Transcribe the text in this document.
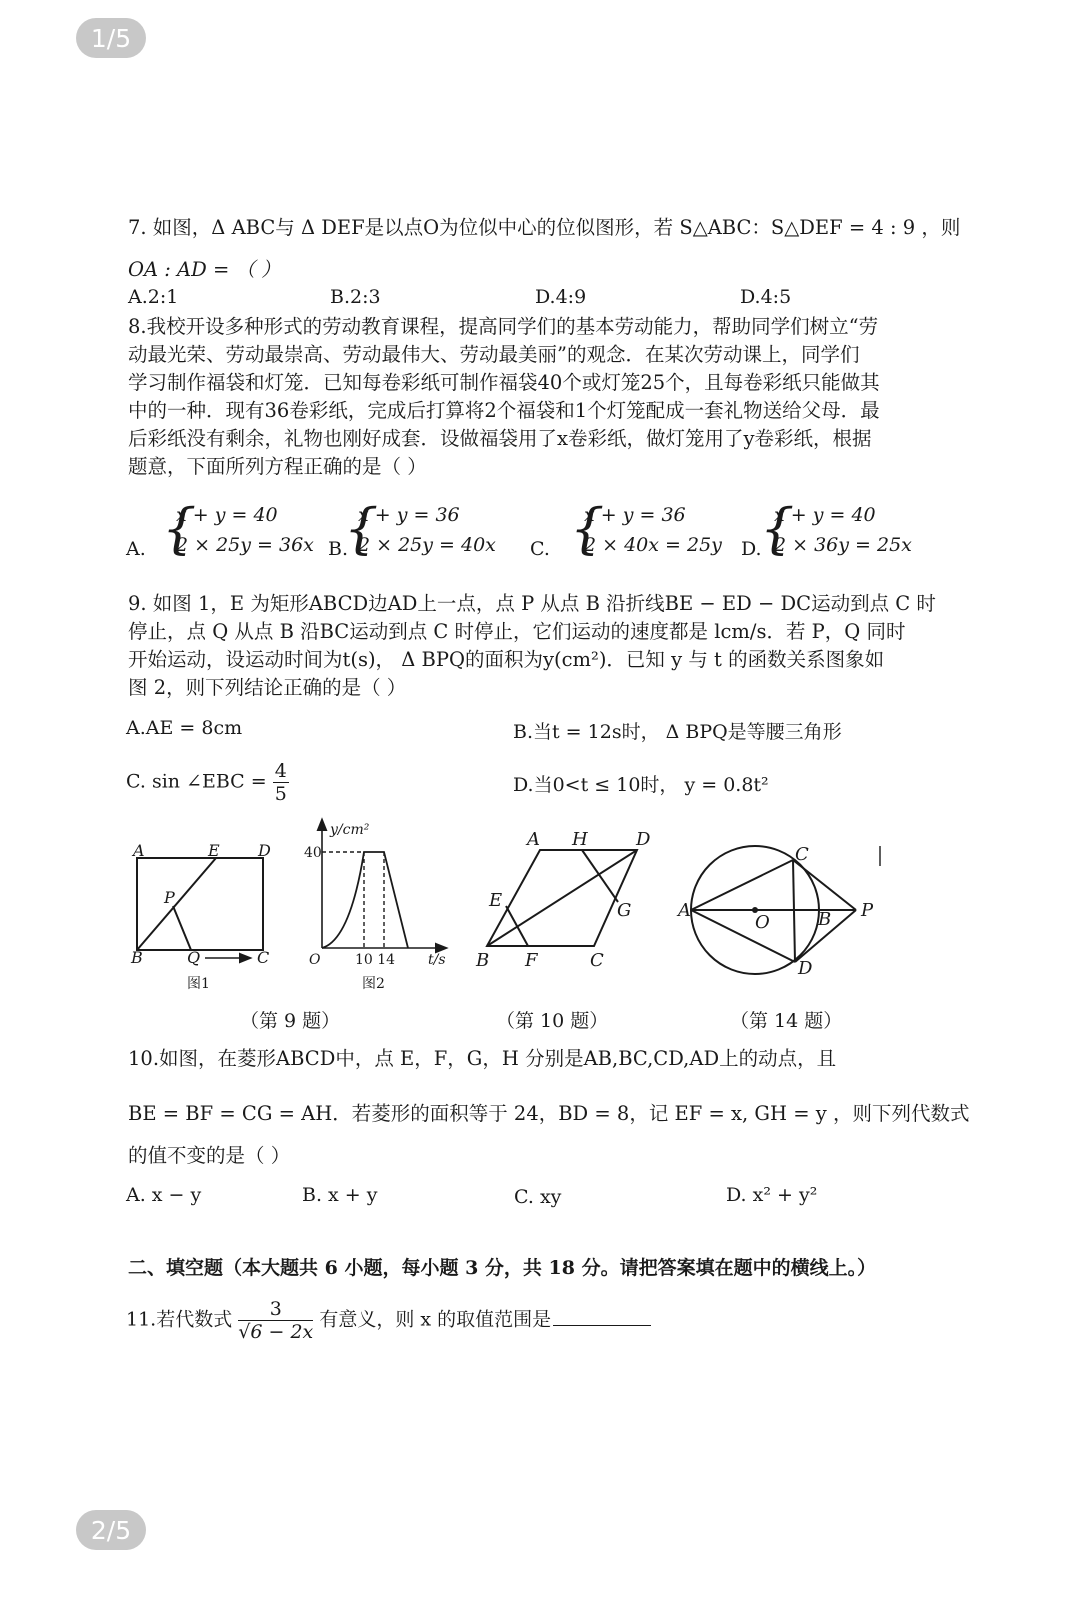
1/5
2/5
7. 如图，Δ ABC与 Δ DEF是以点O为位似中心的位似图形，若 S△ABC：S△DEF = 4 : 9 ，则
OA : AD = （ ）
A.2:1	B.2:3	D.4:9	D.4:5
8.我校开设多种形式的劳动教育课程，提高同学们的基本劳动能力，帮助同学们树立“劳
动最光荣、劳动最崇高、劳动最伟大、劳动最美丽”的观念．在某次劳动课上，同学们
学习制作福袋和灯笼．已知每卷彩纸可制作福袋40个或灯笼25个，且每卷彩纸只能做其
中的一种．现有36卷彩纸，完成后打算将2个福袋和1个灯笼配成一套礼物送给父母．最
后彩纸没有剩余，礼物也刚好成套．设做福袋用了x卷彩纸，做灯笼用了y卷彩纸，根据
题意，下面所列方程正确的是（ ）
A. {
x + y = 40
2 × 25y = 36x B.
{
x + y = 36
2 × 25y = 40x C. {
x + y = 36
2 × 40x = 25y D.
{
x + y = 40
2 × 36y = 25x
9. 如图 1，E 为矩形ABCD边AD上一点，点 P 从点 B 沿折线BE − ED − DC运动到点 C 时
停止，点 Q 从点 B 沿BC运动到点 C 时停止，它们运动的速度都是 lcm/s．若 P，Q 同时
开始运动，设运动时间为t(s)， Δ BPQ的面积为y(cm²)．已知 y 与 t 的函数关系图象如
图 2，则下列结论正确的是（ ）
A.AE = 8cm	B.当t = 12s时， Δ BPQ是等腰三角形
C. sin ∠EBC = $\frac{4}{5}$	D.当0<t ≤ 10时， y = 0.8t²
A	E D
P
B	Q	C
y/cm²
O	t/s
A H	D
E	G
B F	C
C
A
O	B P
D
40
10 14
图1	图2
（第 9 题）	（第 10 题）	（第 14 题）
10.如图，在菱形ABCD中，点 E，F，G，H 分别是AB,BC,CD,AD上的动点，且
BE = BF = CG = AH．若菱形的面积等于 24，BD = 8，记 EF = x, GH = y ，则下列代数式
的值不变的是（ ）
A. x − y	B. x + y	C. xy	D. x² + y²
二、填空题（本大题共 6 小题，每小题 3 分，共 18 分。请把答案填在题中的横线上。）
11.若代数式 $\frac{3}{√6 - 2x}$ 有意义，则 x 的取值范围是
